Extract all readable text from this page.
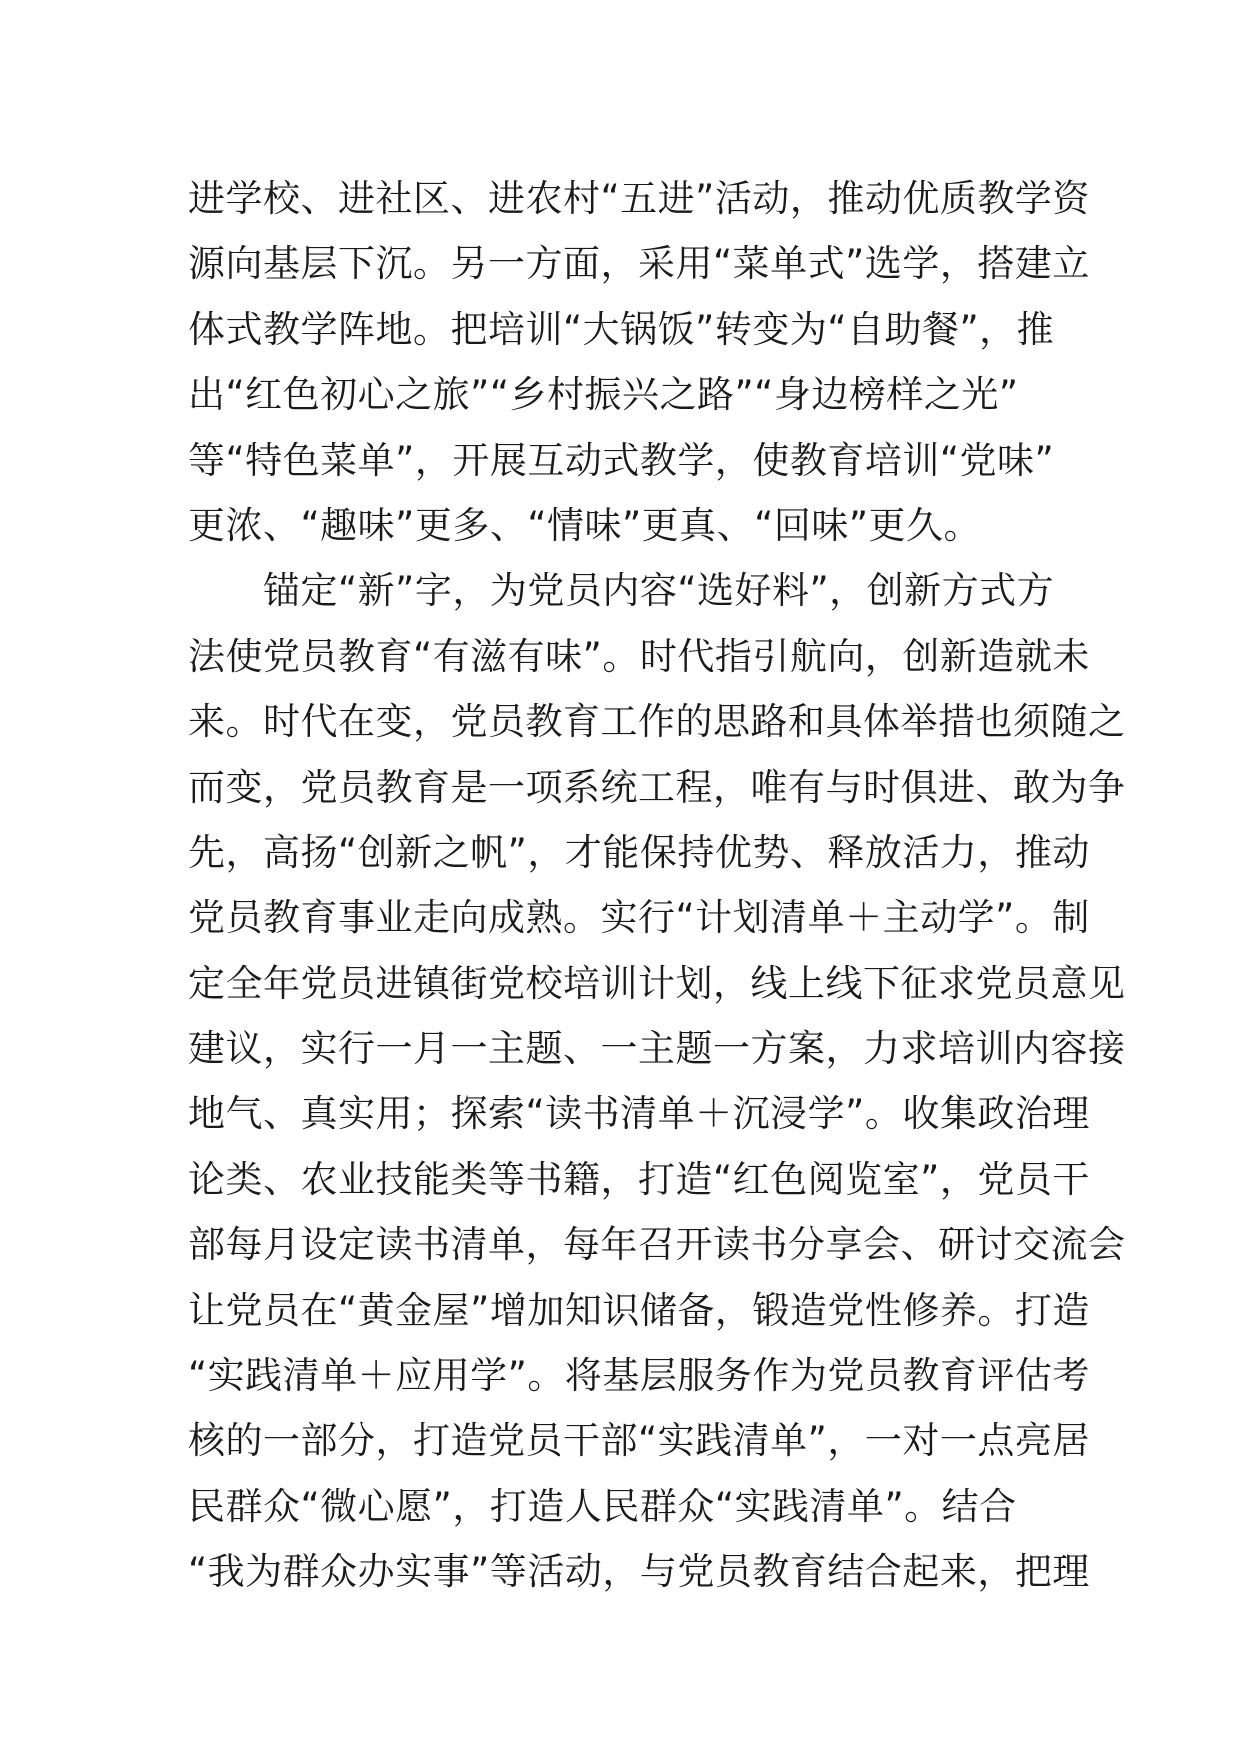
进学校、进社区、进农村“五进”活动，推动优质教学资
源向基层下沉。另一方面，采用“菜单式”选学，搭建立
体式教学阵地。把培训“大锅饭”转变为“自助餐”，推
出“红色初心之旅”“乡村振兴之路”“身边榜样之光”
等“特色菜单”，开展互动式教学，使教育培训“党味”
更浓、“趣味”更多、“情味”更真、“回味”更久。
　　锚定“新”字，为党员内容“选好料”，创新方式方
法使党员教育“有滋有味”。时代指引航向，创新造就未
来。时代在变，党员教育工作的思路和具体举措也须随之
而变，党员教育是一项系统工程，唯有与时俱进、敢为争
先，高扬“创新之帆”，才能保持优势、释放活力，推动
党员教育事业走向成熟。实行“计划清单＋主动学”。制
定全年党员进镇街党校培训计划，线上线下征求党员意见
建议，实行一月一主题、一主题一方案，力求培训内容接
地气、真实用；探索“读书清单＋沉浸学”。收集政治理
论类、农业技能类等书籍，打造“红色阅览室”，党员干
部每月设定读书清单，每年召开读书分享会、研讨交流会
让党员在“黄金屋”增加知识储备，锻造党性修养。打造
“实践清单＋应用学”。将基层服务作为党员教育评估考
核的一部分，打造党员干部“实践清单”，一对一点亮居
民群众“微心愿”，打造人民群众“实践清单”。结合
“我为群众办实事”等活动，与党员教育结合起来，把理
